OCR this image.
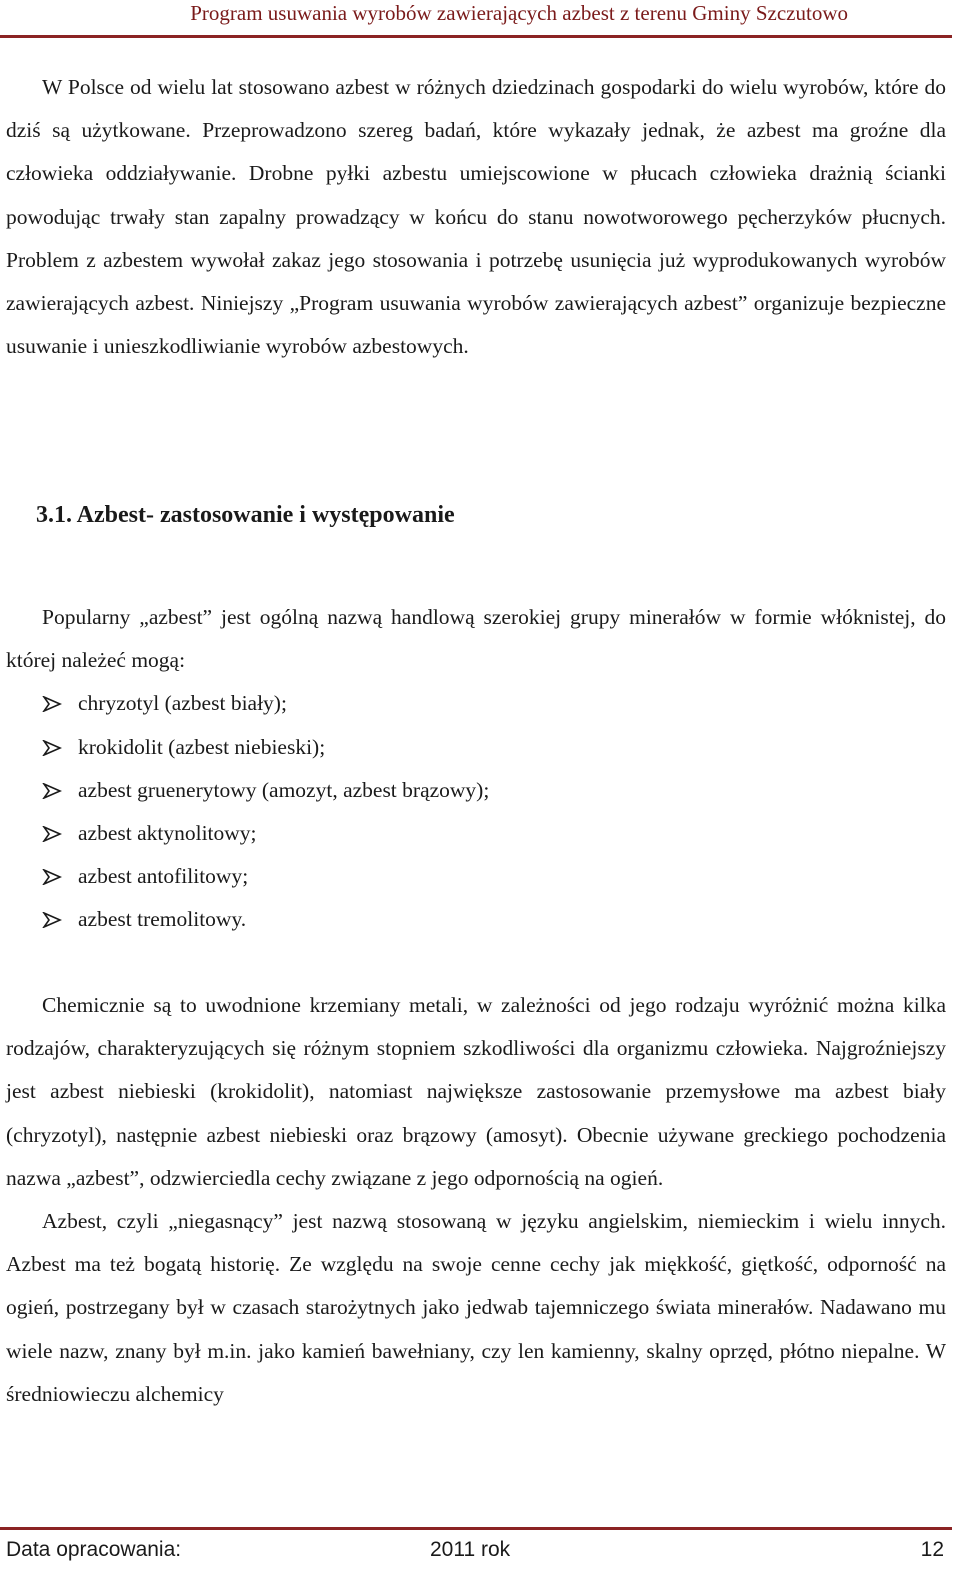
Program usuwania wyrobów zawierających azbest z terenu Gminy Szczutowo

W Polsce od wielu lat stosowano azbest w różnych dziedzinach gospodarki do wielu wyrobów, które do dziś są użytkowane. Przeprowadzono szereg badań, które wykazały jednak, że azbest ma groźne dla człowieka oddziaływanie. Drobne pyłki azbestu umiejscowione w płucach człowieka drażnią ścianki powodując trwały stan zapalny prowadzący w końcu do stanu nowotworowego pęcherzyków płucnych. Problem z azbestem wywołał zakaz jego stosowania i potrzebę usunięcia już wyprodukowanych wyrobów zawierających azbest. Niniejszy „Program usuwania wyrobów zawierających azbest” organizuje bezpieczne usuwanie i unieszkodliwianie wyrobów azbestowych.

3.1. Azbest- zastosowanie i występowanie

Popularny „azbest” jest ogólną nazwą handlową szerokiej grupy minerałów w formie włóknistej, do której należeć mogą:

chryzotyl (azbest biały);
krokidolit (azbest niebieski);
azbest gruenerytowy (amozyt, azbest brązowy);
azbest aktynolitowy;
azbest antofilitowy;
azbest tremolitowy.

Chemicznie są to uwodnione krzemiany metali, w zależności od jego rodzaju wyróżnić można kilka rodzajów, charakteryzujących się różnym stopniem szkodliwości dla organizmu człowieka. Najgroźniejszy jest azbest niebieski (krokidolit), natomiast największe zastosowanie przemysłowe ma azbest biały (chryzotyl), następnie azbest niebieski oraz brązowy (amosyt). Obecnie używane greckiego pochodzenia nazwa „azbest”, odzwierciedla cechy związane z jego odpornością na ogień.

Azbest, czyli „niegasnący” jest nazwą stosowaną w języku angielskim, niemieckim i wielu innych. Azbest ma też bogatą historię. Ze względu na swoje cenne cechy jak miękkość, giętkość, odporność na ogień, postrzegany był w czasach starożytnych jako jedwab tajemniczego świata minerałów. Nadawano mu wiele nazw, znany był m.in. jako kamień bawełniany, czy len kamienny, skalny oprzęd, płótno niepalne. W średniowieczu alchemicy

Data opracowania:	2011 rok	12
